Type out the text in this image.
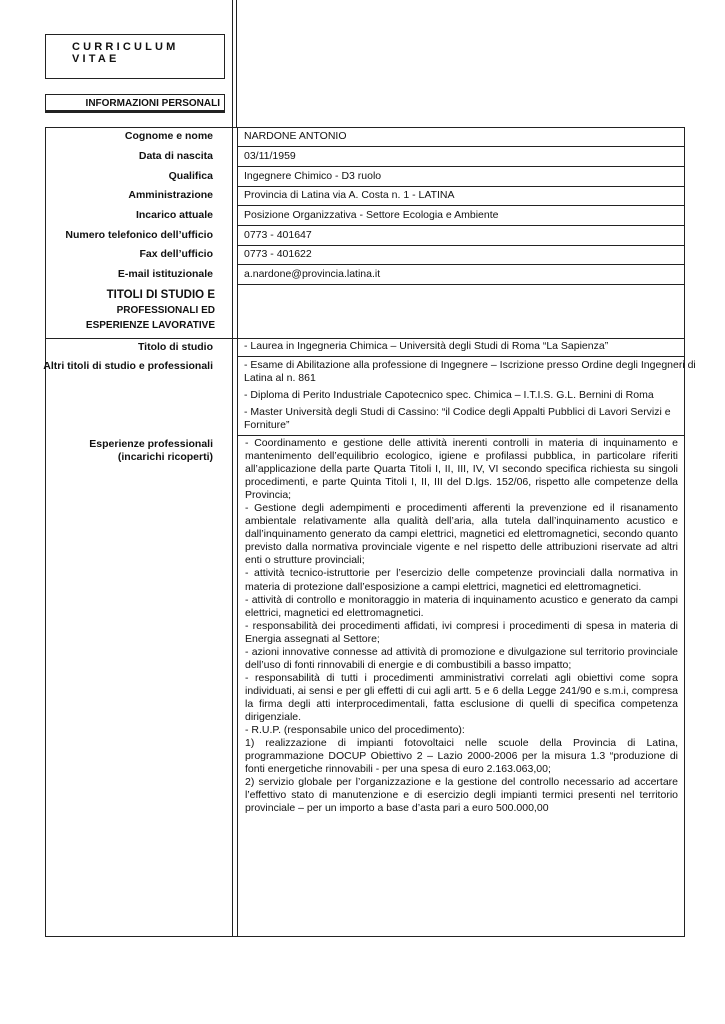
CURRICULUM VITAE
INFORMAZIONI PERSONALI
Cognome e nome
Data di nascita
Qualifica
Amministrazione
Incarico attuale
Numero telefonico dell’ufficio
Fax dell’ufficio
E-mail istituzionale
NARDONE ANTONIO
03/11/1959
Ingegnere Chimico - D3 ruolo
Provincia di Latina via A. Costa n. 1 - LATINA
Posizione Organizzativa - Settore Ecologia e Ambiente
0773 - 401647
0773 - 401622
a.nardone@provincia.latina.it
TITOLI DI STUDIO E
PROFESSIONALI ED
ESPERIENZE LAVORATIVE
Titolo di studio	- Laurea in Ingegneria Chimica – Università degli Studi di Roma “La Sapienza”
Altri titoli di studio e professionali	- Esame di Abilitazione alla professione di Ingegnere – Iscrizione presso Ordine degli Ingegneri di
Latina al n. 861
- Diploma di Perito Industriale Capotecnico spec. Chimica – I.T.I.S. G.L. Bernini di Roma
- Master Università degli Studi di Cassino: “il Codice degli Appalti Pubblici di Lavori Servizi e
Forniture”
Esperienze professionali
(incarichi ricoperti)
- Coordinamento e gestione delle attività inerenti controlli in materia di inquinamento e mantenimento dell’equilibrio ecologico, igiene e profilassi pubblica, in particolare riferiti all’applicazione della parte Quarta Titoli I, II, III, IV, VI secondo specifica richiesta su singoli procedimenti, e parte Quinta Titoli I, II, III del D.lgs. 152/06, rispetto alle competenze della Provincia;
- Gestione degli adempimenti e procedimenti afferenti la prevenzione ed il risanamento ambientale relativamente alla qualità dell’aria, alla tutela dall’inquinamento acustico e dall’inquinamento generato da campi elettrici, magnetici ed elettromagnetici, secondo quanto previsto dalla normativa provinciale vigente e nel rispetto delle attribuzioni riservate ad altri enti o strutture provinciali;
- attività tecnico-istruttorie per l’esercizio delle competenze provinciali dalla normativa in materia di protezione dall’esposizione a campi elettrici, magnetici ed elettromagnetici.
- attività di controllo e monitoraggio in materia di inquinamento acustico e generato da campi elettrici, magnetici ed elettromagnetici.
- responsabilità dei procedimenti affidati, ivi compresi i procedimenti di spesa in materia di Energia assegnati al Settore;
- azioni innovative connesse ad attività di promozione e divulgazione sul territorio provinciale dell’uso di fonti rinnovabili di energie e di combustibili a basso impatto;
- responsabilità di tutti i procedimenti amministrativi correlati agli obiettivi come sopra individuati, ai sensi e per gli effetti di cui agli artt. 5 e 6 della Legge 241/90 e s.m.i, compresa la firma degli atti interprocedimentali, fatta esclusione di quelli di specifica competenza dirigenziale.
- R.U.P. (responsabile unico del procedimento):
1) realizzazione di impianti fotovoltaici nelle scuole della Provincia di Latina, programmazione DOCUP Obiettivo 2 – Lazio 2000-2006 per la misura 1.3 “produzione di fonti energetiche rinnovabili - per una spesa di euro 2.163.063,00;
2) servizio globale per l’organizzazione e la gestione del controllo necessario ad accertare l’effettivo stato di manutenzione e di esercizio degli impianti termici presenti nel territorio provinciale – per un importo a base d’asta pari a euro 500.000,00
